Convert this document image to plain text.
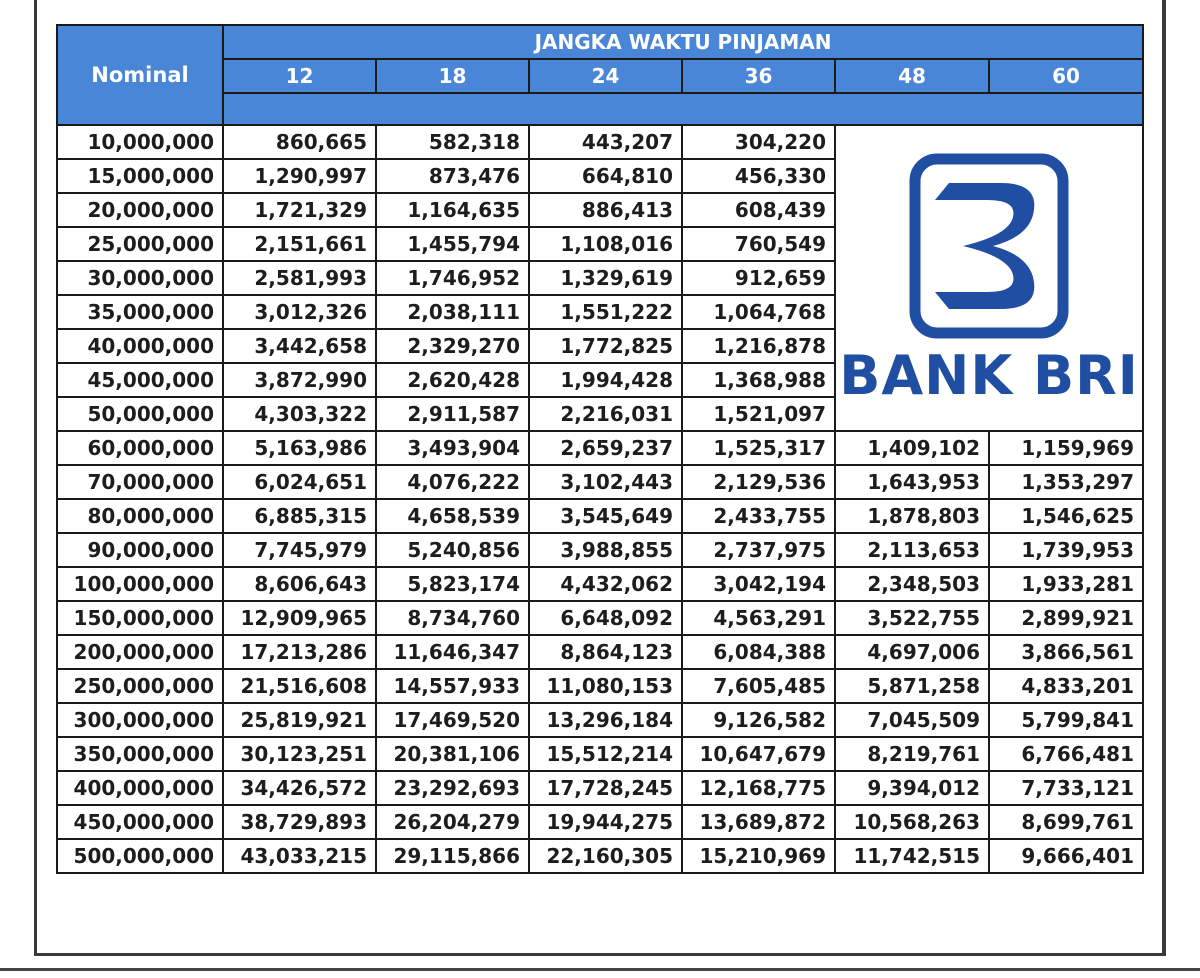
Nominal	JANGKA WAKTU PINJAMAN					
	12	18	24	36	48	60

10,000,000	860,665	582,318	443,207	304,220	BANK BRI	

15,000,000	1,290,997	873,476	664,810	456,330		
20,000,000	1,721,329	1,164,635	886,413	608,439		
25,000,000	2,151,661	1,455,794	1,108,016	760,549		
30,000,000	2,581,993	1,746,952	1,329,619	912,659		
35,000,000	3,012,326	2,038,111	1,551,222	1,064,768		
40,000,000	3,442,658	2,329,270	1,772,825	1,216,878		
45,000,000	3,872,990	2,620,428	1,994,428	1,368,988		
50,000,000	4,303,322	2,911,587	2,216,031	1,521,097		
60,000,000	5,163,986	3,493,904	2,659,237	1,525,317	1,409,102	1,159,969
70,000,000	6,024,651	4,076,222	3,102,443	2,129,536	1,643,953	1,353,297
80,000,000	6,885,315	4,658,539	3,545,649	2,433,755	1,878,803	1,546,625
90,000,000	7,745,979	5,240,856	3,988,855	2,737,975	2,113,653	1,739,953
100,000,000	8,606,643	5,823,174	4,432,062	3,042,194	2,348,503	1,933,281
150,000,000	12,909,965	8,734,760	6,648,092	4,563,291	3,522,755	2,899,921
200,000,000	17,213,286	11,646,347	8,864,123	6,084,388	4,697,006	3,866,561
250,000,000	21,516,608	14,557,933	11,080,153	7,605,485	5,871,258	4,833,201
300,000,000	25,819,921	17,469,520	13,296,184	9,126,582	7,045,509	5,799,841
350,000,000	30,123,251	20,381,106	15,512,214	10,647,679	8,219,761	6,766,481
400,000,000	34,426,572	23,292,693	17,728,245	12,168,775	9,394,012	7,733,121
450,000,000	38,729,893	26,204,279	19,944,275	13,689,872	10,568,263	8,699,761
500,000,000	43,033,215	29,115,866	22,160,305	15,210,969	11,742,515	9,666,401
